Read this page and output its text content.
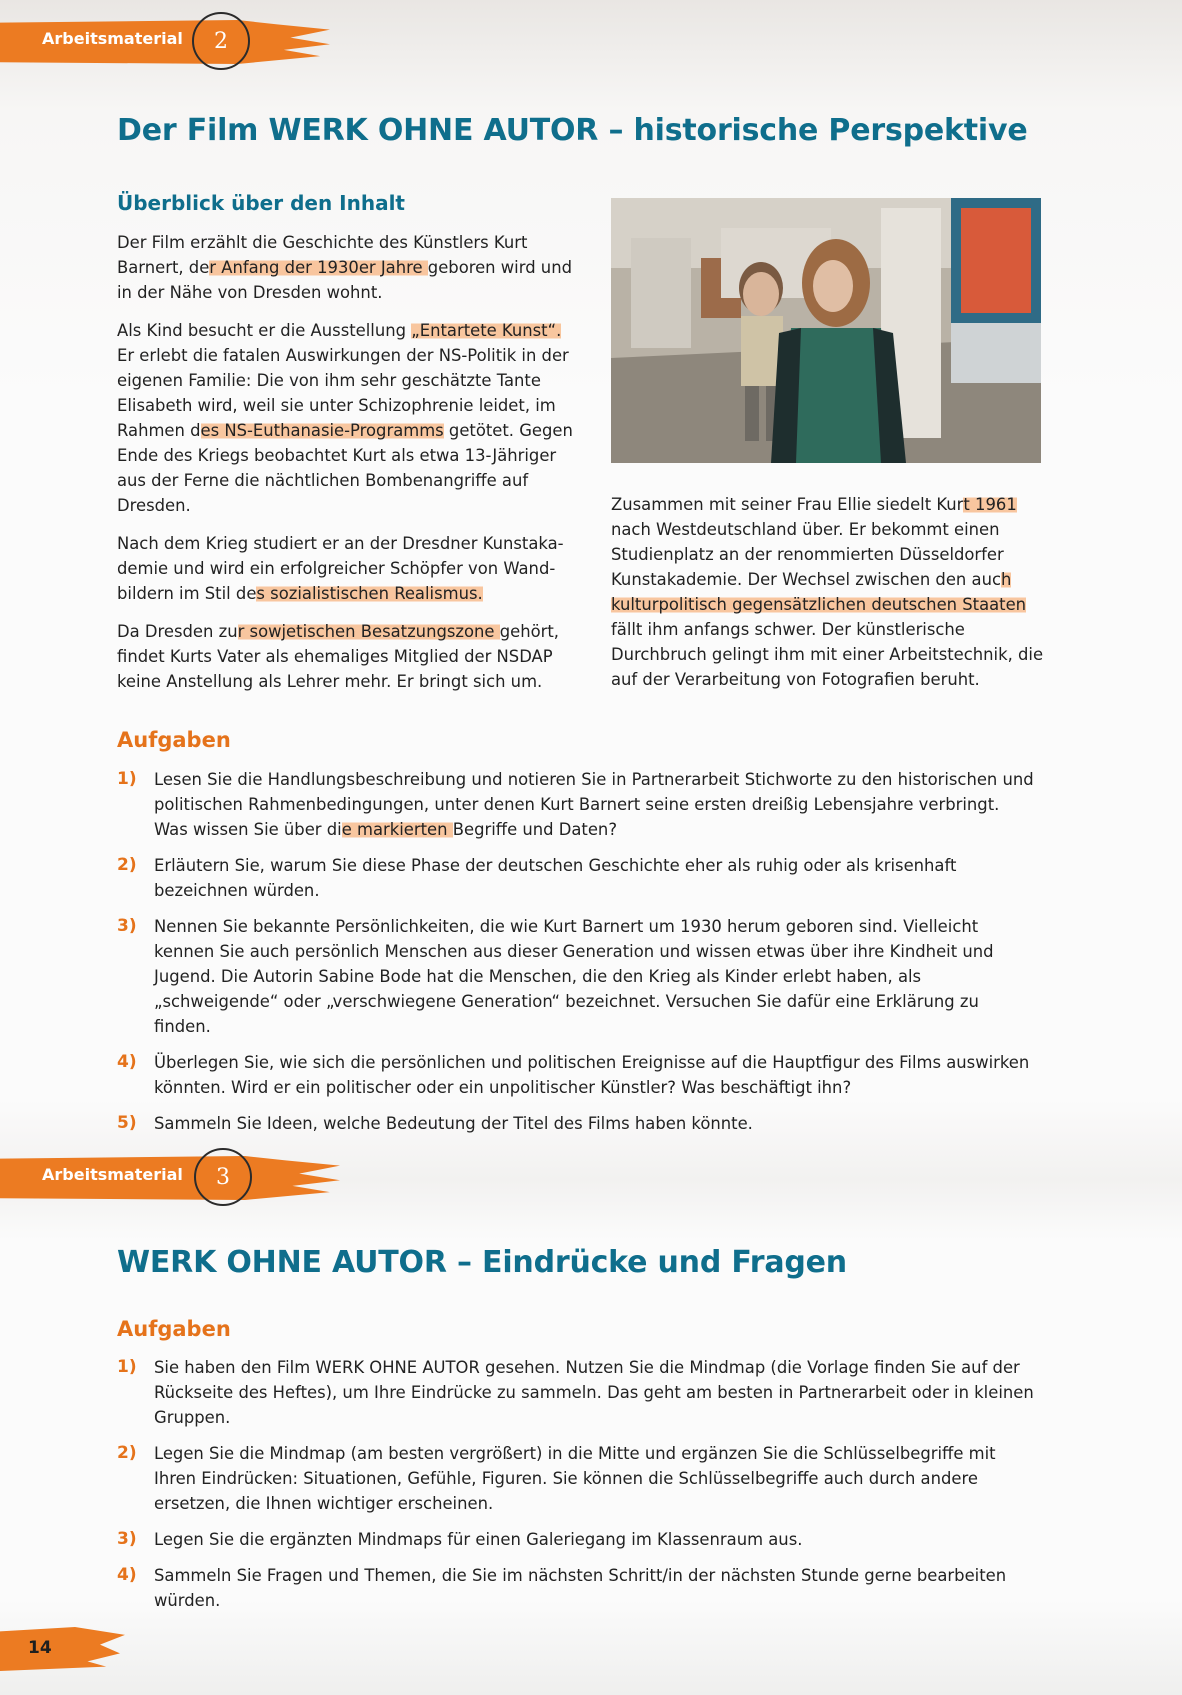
Arbeitsmaterial 2
Der Film WERK OHNE AUTOR – historische Perspektive
Überblick über den Inhalt

Der Film erzählt die Geschichte des Künstlers Kurt Barnert, der Anfang der 1930er Jahre geboren wird und in der Nähe von Dresden wohnt.

Als Kind besucht er die Ausstellung „Entartete Kunst“. Er erlebt die fatalen Auswirkungen der NS-Politik in der eigenen Familie: Die von ihm sehr geschätzte Tante Elisabeth wird, weil sie unter Schizophrenie leidet, im Rahmen des NS-Euthanasie-Programms getötet. Gegen Ende des Kriegs beobachtet Kurt als etwa 13-Jähriger aus der Ferne die nächtlichen Bombenangriffe auf Dresden.

Nach dem Krieg studiert er an der Dresdner Kunstakademie und wird ein erfolgreicher Schöpfer von Wandbildern im Stil des sozialistischen Realismus.

Da Dresden zur sowjetischen Besatzungszone gehört, findet Kurts Vater als ehemaliges Mitglied der NSDAP keine Anstellung als Lehrer mehr. Er bringt sich um.

Zusammen mit seiner Frau Ellie siedelt Kurt 1961 nach Westdeutschland über. Er bekommt einen Studienplatz an der renommierten Düsseldorfer Kunstakademie. Der Wechsel zwischen den auch kulturpolitisch gegensätzlichen deutschen Staaten fällt ihm anfangs schwer. Der künstlerische Durchbruch gelingt ihm mit einer Arbeitstechnik, die auf der Verarbeitung von Fotografien beruht.

Aufgaben
1) Lesen Sie die Handlungsbeschreibung und notieren Sie in Partnerarbeit Stichworte zu den historischen und politischen Rahmenbedingungen, unter denen Kurt Barnert seine ersten dreißig Lebensjahre verbringt. Was wissen Sie über die markierten Begriffe und Daten?
2) Erläutern Sie, warum Sie diese Phase der deutschen Geschichte eher als ruhig oder als krisenhaft bezeichnen würden.
3) Nennen Sie bekannte Persönlichkeiten, die wie Kurt Barnert um 1930 herum geboren sind. Vielleicht kennen Sie auch persönlich Menschen aus dieser Generation und wissen etwas über ihre Kindheit und Jugend. Die Autorin Sabine Bode hat die Menschen, die den Krieg als Kinder erlebt haben, als „schweigende“ oder „verschwiegene Generation“ bezeichnet. Versuchen Sie dafür eine Erklärung zu finden.
4) Überlegen Sie, wie sich die persönlichen und politischen Ereignisse auf die Hauptfigur des Films auswirken könnten. Wird er ein politischer oder ein unpolitischer Künstler? Was beschäftigt ihn?
5) Sammeln Sie Ideen, welche Bedeutung der Titel des Films haben könnte.
Arbeitsmaterial 3
WERK OHNE AUTOR – Eindrücke und Fragen
Aufgaben
1) Sie haben den Film WERK OHNE AUTOR gesehen. Nutzen Sie die Mindmap (die Vorlage finden Sie auf der Rückseite des Heftes), um Ihre Eindrücke zu sammeln. Das geht am besten in Partnerarbeit oder in kleinen Gruppen.
2) Legen Sie die Mindmap (am besten vergrößert) in die Mitte und ergänzen Sie die Schlüsselbegriffe mit Ihren Eindrücken: Situationen, Gefühle, Figuren. Sie können die Schlüsselbegriffe auch durch andere ersetzen, die Ihnen wichtiger erscheinen.
3) Legen Sie die ergänzten Mindmaps für einen Galeriegang im Klassenraum aus.
4) Sammeln Sie Fragen und Themen, die Sie im nächsten Schritt/in der nächsten Stunde gerne bearbeiten würden.
14
